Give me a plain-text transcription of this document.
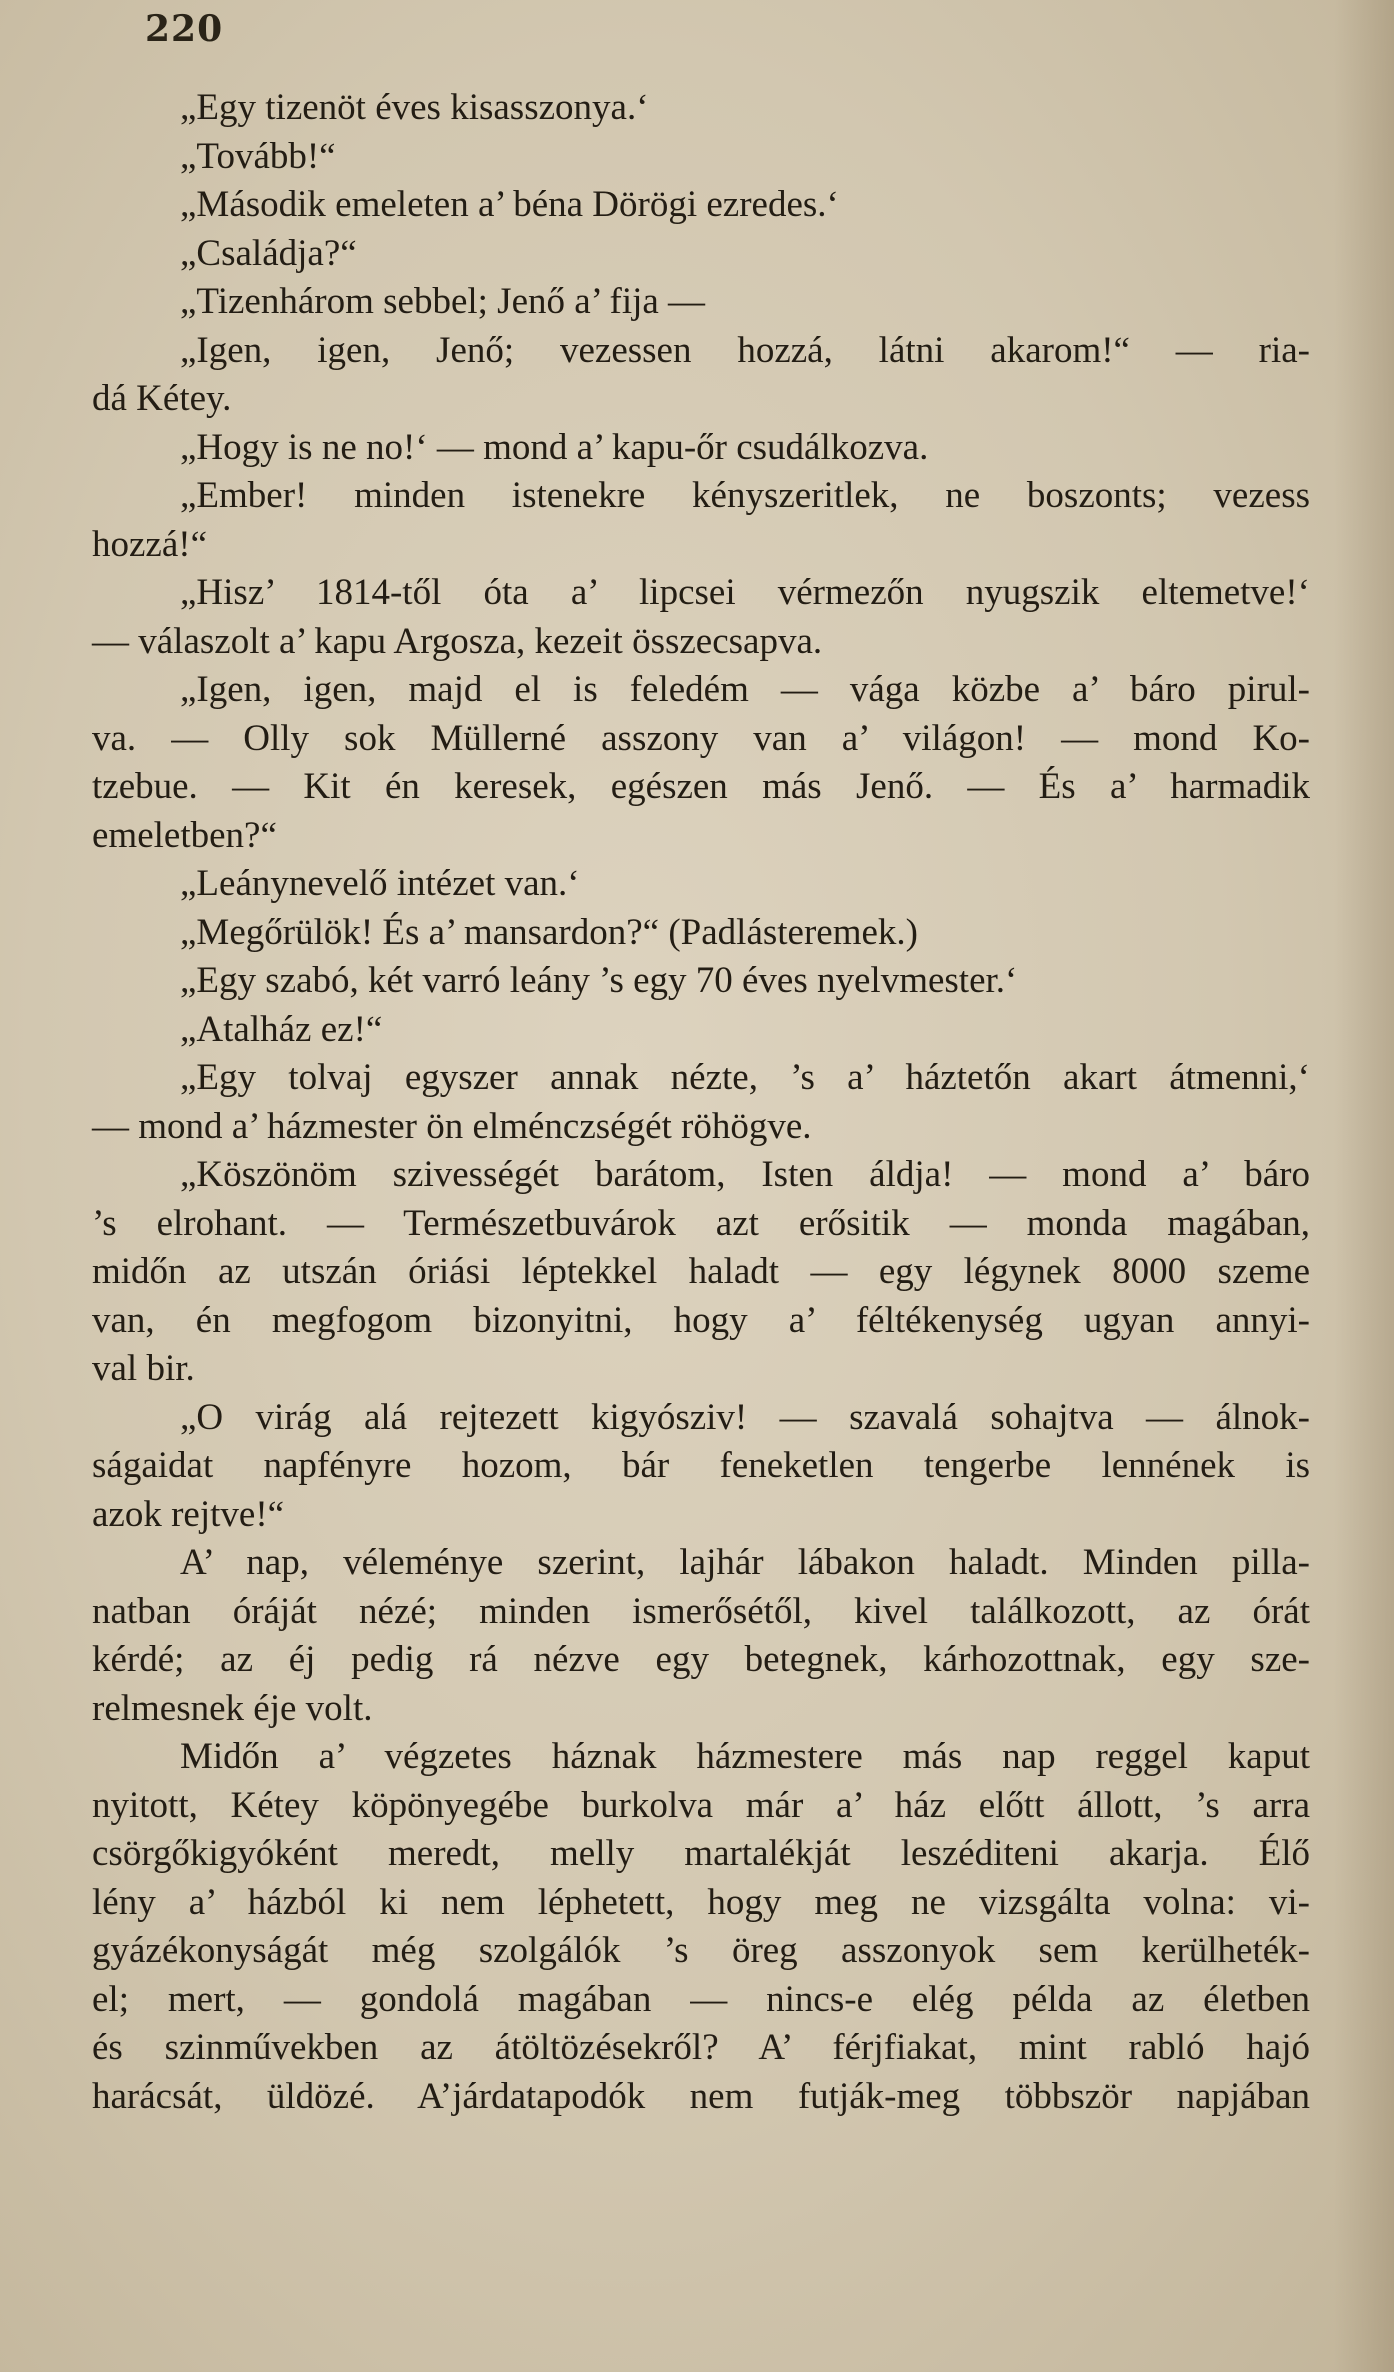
220
„Egy tizenöt éves kisasszonya.‘
„Tovább!“
„Második emeleten a’ béna Dörögi ezredes.‘
„Családja?“
„Tizenhárom sebbel; Jenő a’ fija —
„Igen, igen, Jenő; vezessen hozzá, látni akarom!“ — ria-
dá Kétey.
„Hogy is ne no!‘ — mond a’ kapu-őr csudálkozva.
„Ember! minden istenekre kényszeritlek, ne boszonts; vezess
hozzá!“
„Hisz’ 1814-től óta a’ lipcsei vérmezőn nyugszik eltemetve!‘
— válaszolt a’ kapu Argosza, kezeit összecsapva.
„Igen, igen, majd el is feledém — vága közbe a’ báro pirul-
va. — Olly sok Müllerné asszony van a’ világon! — mond Ko-
tzebue. — Kit én keresek, egészen más Jenő. — És a’ harmadik
emeletben?“
„Leánynevelő intézet van.‘
„Megőrülök! És a’ mansardon?“ (Padlásteremek.)
„Egy szabó, két varró leány ’s egy 70 éves nyelvmester.‘
„Atalház ez!“
„Egy tolvaj egyszer annak nézte, ’s a’ háztetőn akart átmenni,‘
— mond a’ házmester ön elménczségét röhögve.
„Köszönöm szivességét barátom, Isten áldja! — mond a’ báro
’s elrohant. — Természetbuvárok azt erősitik — monda magában,
midőn az utszán óriási léptekkel haladt — egy légynek 8000 szeme
van, én megfogom bizonyitni, hogy a’ féltékenység ugyan annyi-
val bir.
„O virág alá rejtezett kigyósziv! — szavalá sohajtva — álnok-
ságaidat napfényre hozom, bár feneketlen tengerbe lennének is
azok rejtve!“
A’ nap, véleménye szerint, lajhár lábakon haladt. Minden pilla-
natban óráját nézé; minden ismerősétől, kivel találkozott, az órát
kérdé; az éj pedig rá nézve egy betegnek, kárhozottnak, egy sze-
relmesnek éje volt.
Midőn a’ végzetes háznak házmestere más nap reggel kaput
nyitott, Kétey köpönyegébe burkolva már a’ ház előtt állott, ’s arra
csörgőkigyóként meredt, melly martalékját leszéditeni akarja. Élő
lény a’ házból ki nem léphetett, hogy meg ne vizsgálta volna: vi-
gyázékonyságát még szolgálók ’s öreg asszonyok sem kerülheték-
el; mert, — gondolá magában — nincs-e elég példa az életben
és szinművekben az átöltözésekről? A’ férjfiakat, mint rabló hajó
harácsát, üldözé. A’járdatapodók nem futják-meg többször napjában
